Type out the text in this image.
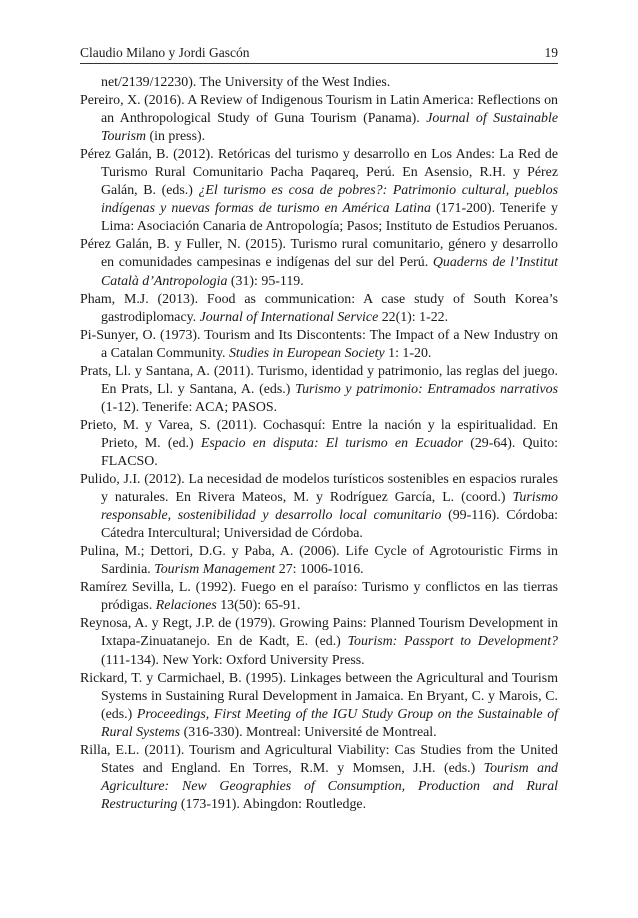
Claudio Milano y Jordi Gascón	19

net/2139/12230). The University of the West Indies.

Pereiro, X. (2016). A Review of Indigenous Tourism in Latin America: Reflections on an Anthropological Study of Guna Tourism (Panama). Journal of Sustainable Tourism (in press).

Pérez Galán, B. (2012). Retóricas del turismo y desarrollo en Los Andes: La Red de Turismo Rural Comunitario Pacha Paqareq, Perú. En Asensio, R.H. y Pérez Galán, B. (eds.) ¿El turismo es cosa de pobres?: Patrimonio cultural, pueblos indígenas y nuevas formas de turismo en América Latina (171-200). Tenerife y Lima: Asociación Canaria de Antropología; Pasos; Instituto de Estudios Peruanos.

Pérez Galán, B. y Fuller, N. (2015). Turismo rural comunitario, género y desarrollo en comunidades campesinas e indígenas del sur del Perú. Quaderns de l’Institut Català d’Antropologia (31): 95-119.

Pham, M.J. (2013). Food as communication: A case study of South Korea’s gastrodiplomacy. Journal of International Service 22(1): 1-22.

Pi-Sunyer, O. (1973). Tourism and Its Discontents: The Impact of a New Industry on a Catalan Community. Studies in European Society 1: 1-20.

Prats, Ll. y Santana, A. (2011). Turismo, identidad y patrimonio, las reglas del juego. En Prats, Ll. y Santana, A. (eds.) Turismo y patrimonio: Entramados narrativos (1-12). Tenerife: ACA; PASOS.

Prieto, M. y Varea, S. (2011). Cochasquí: Entre la nación y la espiritualidad. En Prieto, M. (ed.) Espacio en disputa: El turismo en Ecuador (29-64). Quito: FLACSO.

Pulido, J.I. (2012). La necesidad de modelos turísticos sostenibles en espacios rurales y naturales. En Rivera Mateos, M. y Rodríguez García, L. (coord.) Turismo responsable, sostenibilidad y desarrollo local comunitario (99-116). Córdoba: Cátedra Intercultural; Universidad de Córdoba.

Pulina, M.; Dettori, D.G. y Paba, A. (2006). Life Cycle of Agrotouristic Firms in Sardinia. Tourism Management 27: 1006-1016.

Ramírez Sevilla, L. (1992). Fuego en el paraíso: Turismo y conflictos en las tierras pródigas. Relaciones 13(50): 65-91.

Reynosa, A. y Regt, J.P. de (1979). Growing Pains: Planned Tourism Development in Ixtapa-Zinuatanejo. En de Kadt, E. (ed.) Tourism: Passport to Development? (111-134). New York: Oxford University Press.

Rickard, T. y Carmichael, B. (1995). Linkages between the Agricultural and Tourism Systems in Sustaining Rural Development in Jamaica. En Bryant, C. y Marois, C. (eds.) Proceedings, First Meeting of the IGU Study Group on the Sustainable of Rural Systems (316-330). Montreal: Université de Montreal.

Rilla, E.L. (2011). Tourism and Agricultural Viability: Cas Studies from the United States and England. En Torres, R.M. y Momsen, J.H. (eds.) Tourism and Agriculture: New Geographies of Consumption, Production and Rural Restructuring (173-191). Abingdon: Routledge.
